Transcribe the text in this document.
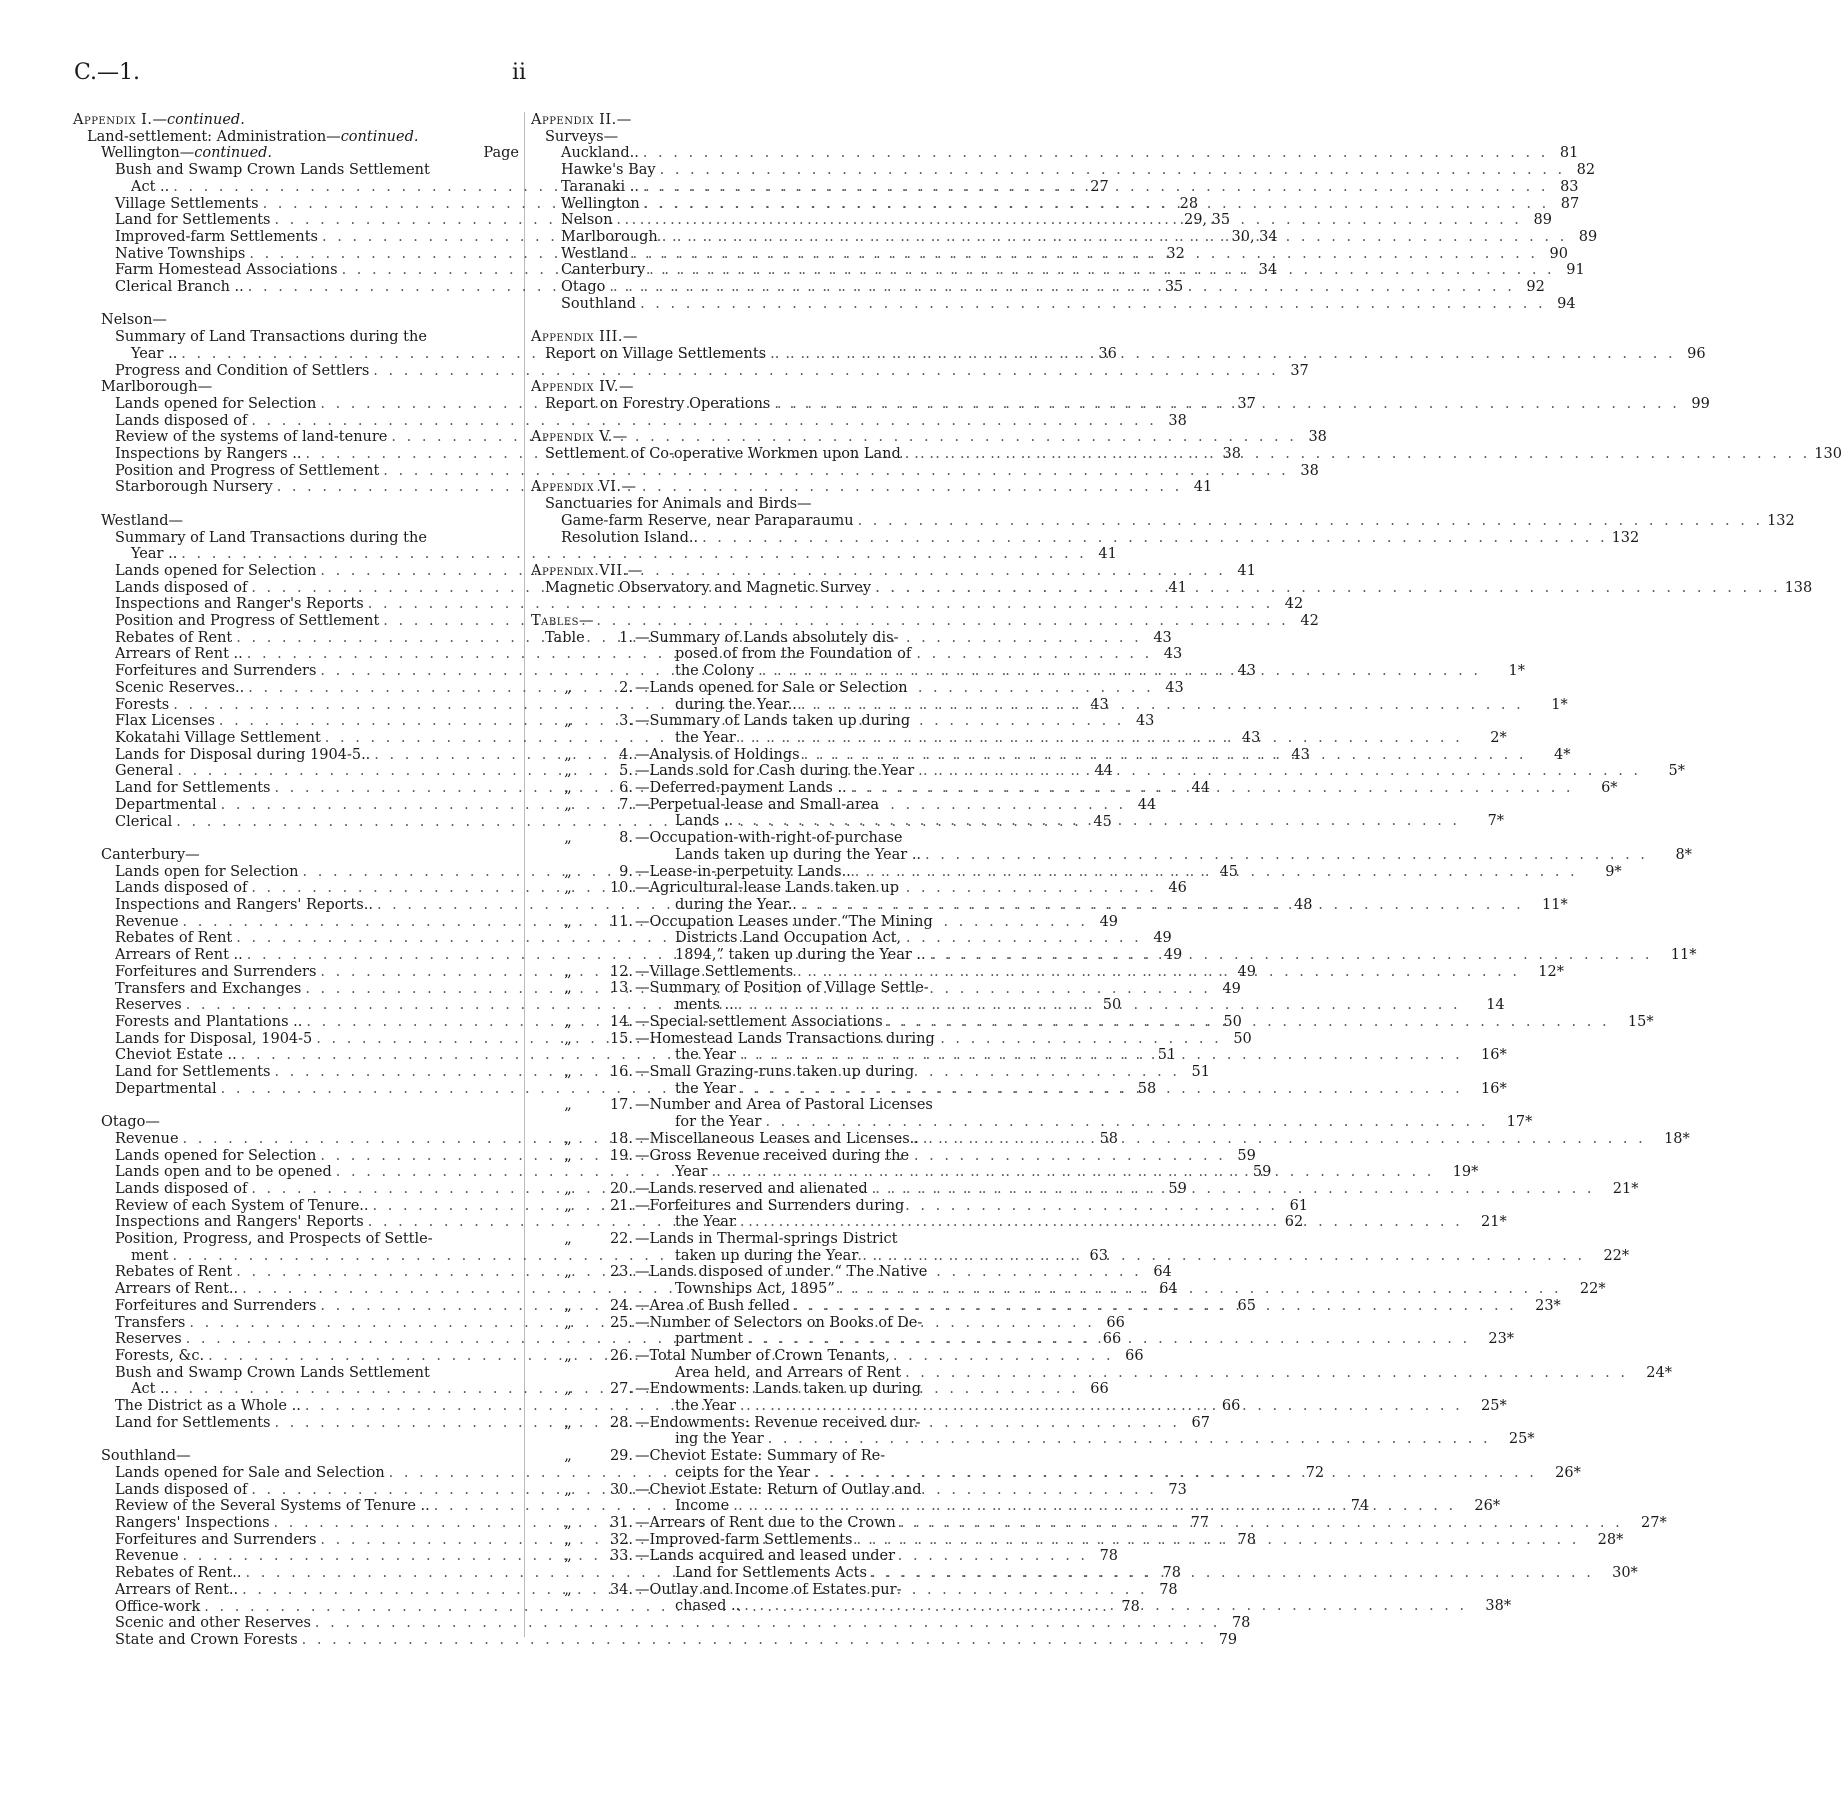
C.—1.	ii
Appendix I.—continued.
Land-settlement: Administration—continued.
Wellington—continued.	Page
Bush and Swamp Crown Lands Settlement
Act .. . . .	27
Village Settlements . . .	28
Land for Settlements . . .	29, 35
Improved-farm Settlements . . .	30, 34
Native Townships . . .	32
Farm Homestead Associations . . .	34
Clerical Branch .. . . .	35
Nelson—
Summary of Land Transactions during the
Year .. . . .	36
Progress and Condition of Settlers . . .	37
Marlborough—
Lands opened for Selection . . .	37
Lands disposed of . . .	38
Review of the systems of land-tenure . . .	38
Inspections by Rangers .. . . .	38
Position and Progress of Settlement . . .	38
Starborough Nursery . . .	41
Westland—
Summary of Land Transactions during the
Year .. . . .	41
Lands opened for Selection . . .	41
Lands disposed of . . .	41
Inspections and Ranger's Reports . . .	42
Position and Progress of Settlement . . .	42
Rebates of Rent . . .	43
Arrears of Rent .. . . .	43
Forfeitures and Surrenders . . .	43
Scenic Reserves.. . . .	43
Forests . . .	43
Flax Licenses . . .	43
Kokatahi Village Settlement . . .	43
Lands for Disposal during 1904-5.. . . .	43
General . . .	44
Land for Settlements . . .	44
Departmental . . .	44
Clerical . . .	45
Canterbury—
Lands open for Selection . . .	45
Lands disposed of . . .	46
Inspections and Rangers' Reports.. . . .	48
Revenue . . .	49
Rebates of Rent . . .	49
Arrears of Rent .. . . .	49
Forfeitures and Surrenders . . .	49
Transfers and Exchanges . . .	49
Reserves . . .	50
Forests and Plantations .. . . .	50
Lands for Disposal, 1904-5 . . .	50
Cheviot Estate .. . . .	51
Land for Settlements . . .	51
Departmental . . .	58
Otago—
Revenue . . .	58
Lands opened for Selection . . .	59
Lands open and to be opened . . .	59
Lands disposed of . . .	59
Review of each System of Tenure.. . . .	61
Inspections and Rangers' Reports . . .	62
Position, Progress, and Prospects of Settle-
ment . . .	63
Rebates of Rent . . .	64
Arrears of Rent.. . . .	64
Forfeitures and Surrenders . . .	65
Transfers . . .	66
Reserves . . .	66
Forests, &c. . . .	66
Bush and Swamp Crown Lands Settlement
Act .. . . .	66
The District as a Whole .. . . .	66
Land for Settlements . . .	67
Southland—
Lands opened for Sale and Selection . . .	72
Lands disposed of . . .	73
Review of the Several Systems of Tenure .. . . .	74
Rangers' Inspections . . .	77
Forfeitures and Surrenders . . .	78
Revenue . . .	78
Rebates of Rent.. . . .	78
Arrears of Rent.. . . .	78
Office-work . . .	78
Scenic and other Reserves . . .	78
State and Crown Forests . . .	79
Appendix II.—
Surveys—
Auckland.. . . .	81
Hawke's Bay . . .	82
Taranaki .. . . .	83
Wellington . . .	87
Nelson . . .	89
Marlborough . . .	89
Westland . . .	90
Canterbury . . .	91
Otago . . .	92
Southland . . .	94
Appendix III.—
Report on Village Settlements . . .	96
Appendix IV.—
Report on Forestry Operations . . .	99
Appendix V.—
Settlement of Co-operative Workmen upon Land . . .	130
Appendix VI.—
Sanctuaries for Animals and Birds—
Game-farm Reserve, near Paraparaumu . . .	132
Resolution Island.. . . .	132
Appendix VII.—
Magnetic Observatory and Magnetic Survey . . .	138
Tables—
Table	1. —Summary of Lands absolutely dis-
posed of from the Foundation of
the Colony . . .	1*
„	2. —Lands opened for Sale or Selection
during the Year.. . . .	1*
„	3. —Summary of Lands taken up during
the Year . . .	2*
„	4. —Analysis of Holdings . . .	4*
„	5. —Lands sold for Cash during the Year . . .	5*
„	6. —Deferred-payment Lands .. . . .	6*
„	7. —Perpetual-lease and Small-area
Lands .. . . .	7*
„	8. —Occupation-with-right-of-purchase
Lands taken up during the Year .. . . .	8*
„	9. —Lease-in-perpetuity Lands.. . . .	9*
„	10. —Agricultural-lease Lands taken up
during the Year.. . . .	11*
„	11. —Occupation Leases under “The Mining
Districts Land Occupation Act,
1894,” taken up during the Year .. . . .	11*
„	12. —Village Settlements . . .	12*
„	13. —Summary of Position of Village Settle-
ments .. . . .	14
„	14. —Special-settlement Associations . . .	15*
„	15. —Homestead Lands Transactions during
the Year . . .	16*
„	16. —Small Grazing-runs taken up during
the Year . . .	16*
„	17. —Number and Area of Pastoral Licenses
for the Year . . .	17*
„	18. —Miscellaneous Leases and Licenses.. . . .	18*
„	19. —Gross Revenue received during the
Year . . .	19*
„	20. —Lands reserved and alienated . . .	21*
„	21. —Forfeitures and Surrenders during
the Year . . .	21*
„	22. —Lands in Thermal-springs District
taken up during the Year . . .	22*
„	23. —Lands disposed of under “ The Native
Townships Act, 1895” . . .	22*
„	24. —Area of Bush felled . . .	23*
„	25. —Number of Selectors on Books of De-
partment . . .	23*
„	26. —Total Number of Crown Tenants,
Area held, and Arrears of Rent . . .	24*
„	27. —Endowments: Lands taken up during
the Year . . .	25*
„	28. —Endowments: Revenue received dur-
ing the Year . . .	25*
„	29. —Cheviot Estate: Summary of Re-
ceipts for the Year . . .	26*
„	30. —Cheviot Estate: Return of Outlay and
Income . . .	26*
„	31. —Arrears of Rent due to the Crown . . .	27*
„	32. —Improved-farm Settlements . . .	28*
„	33. —Lands acquired and leased under
Land for Settlements Acts . . .	30*
„	34. —Outlay and Income of Estates pur-
chased .. . . .	38*
